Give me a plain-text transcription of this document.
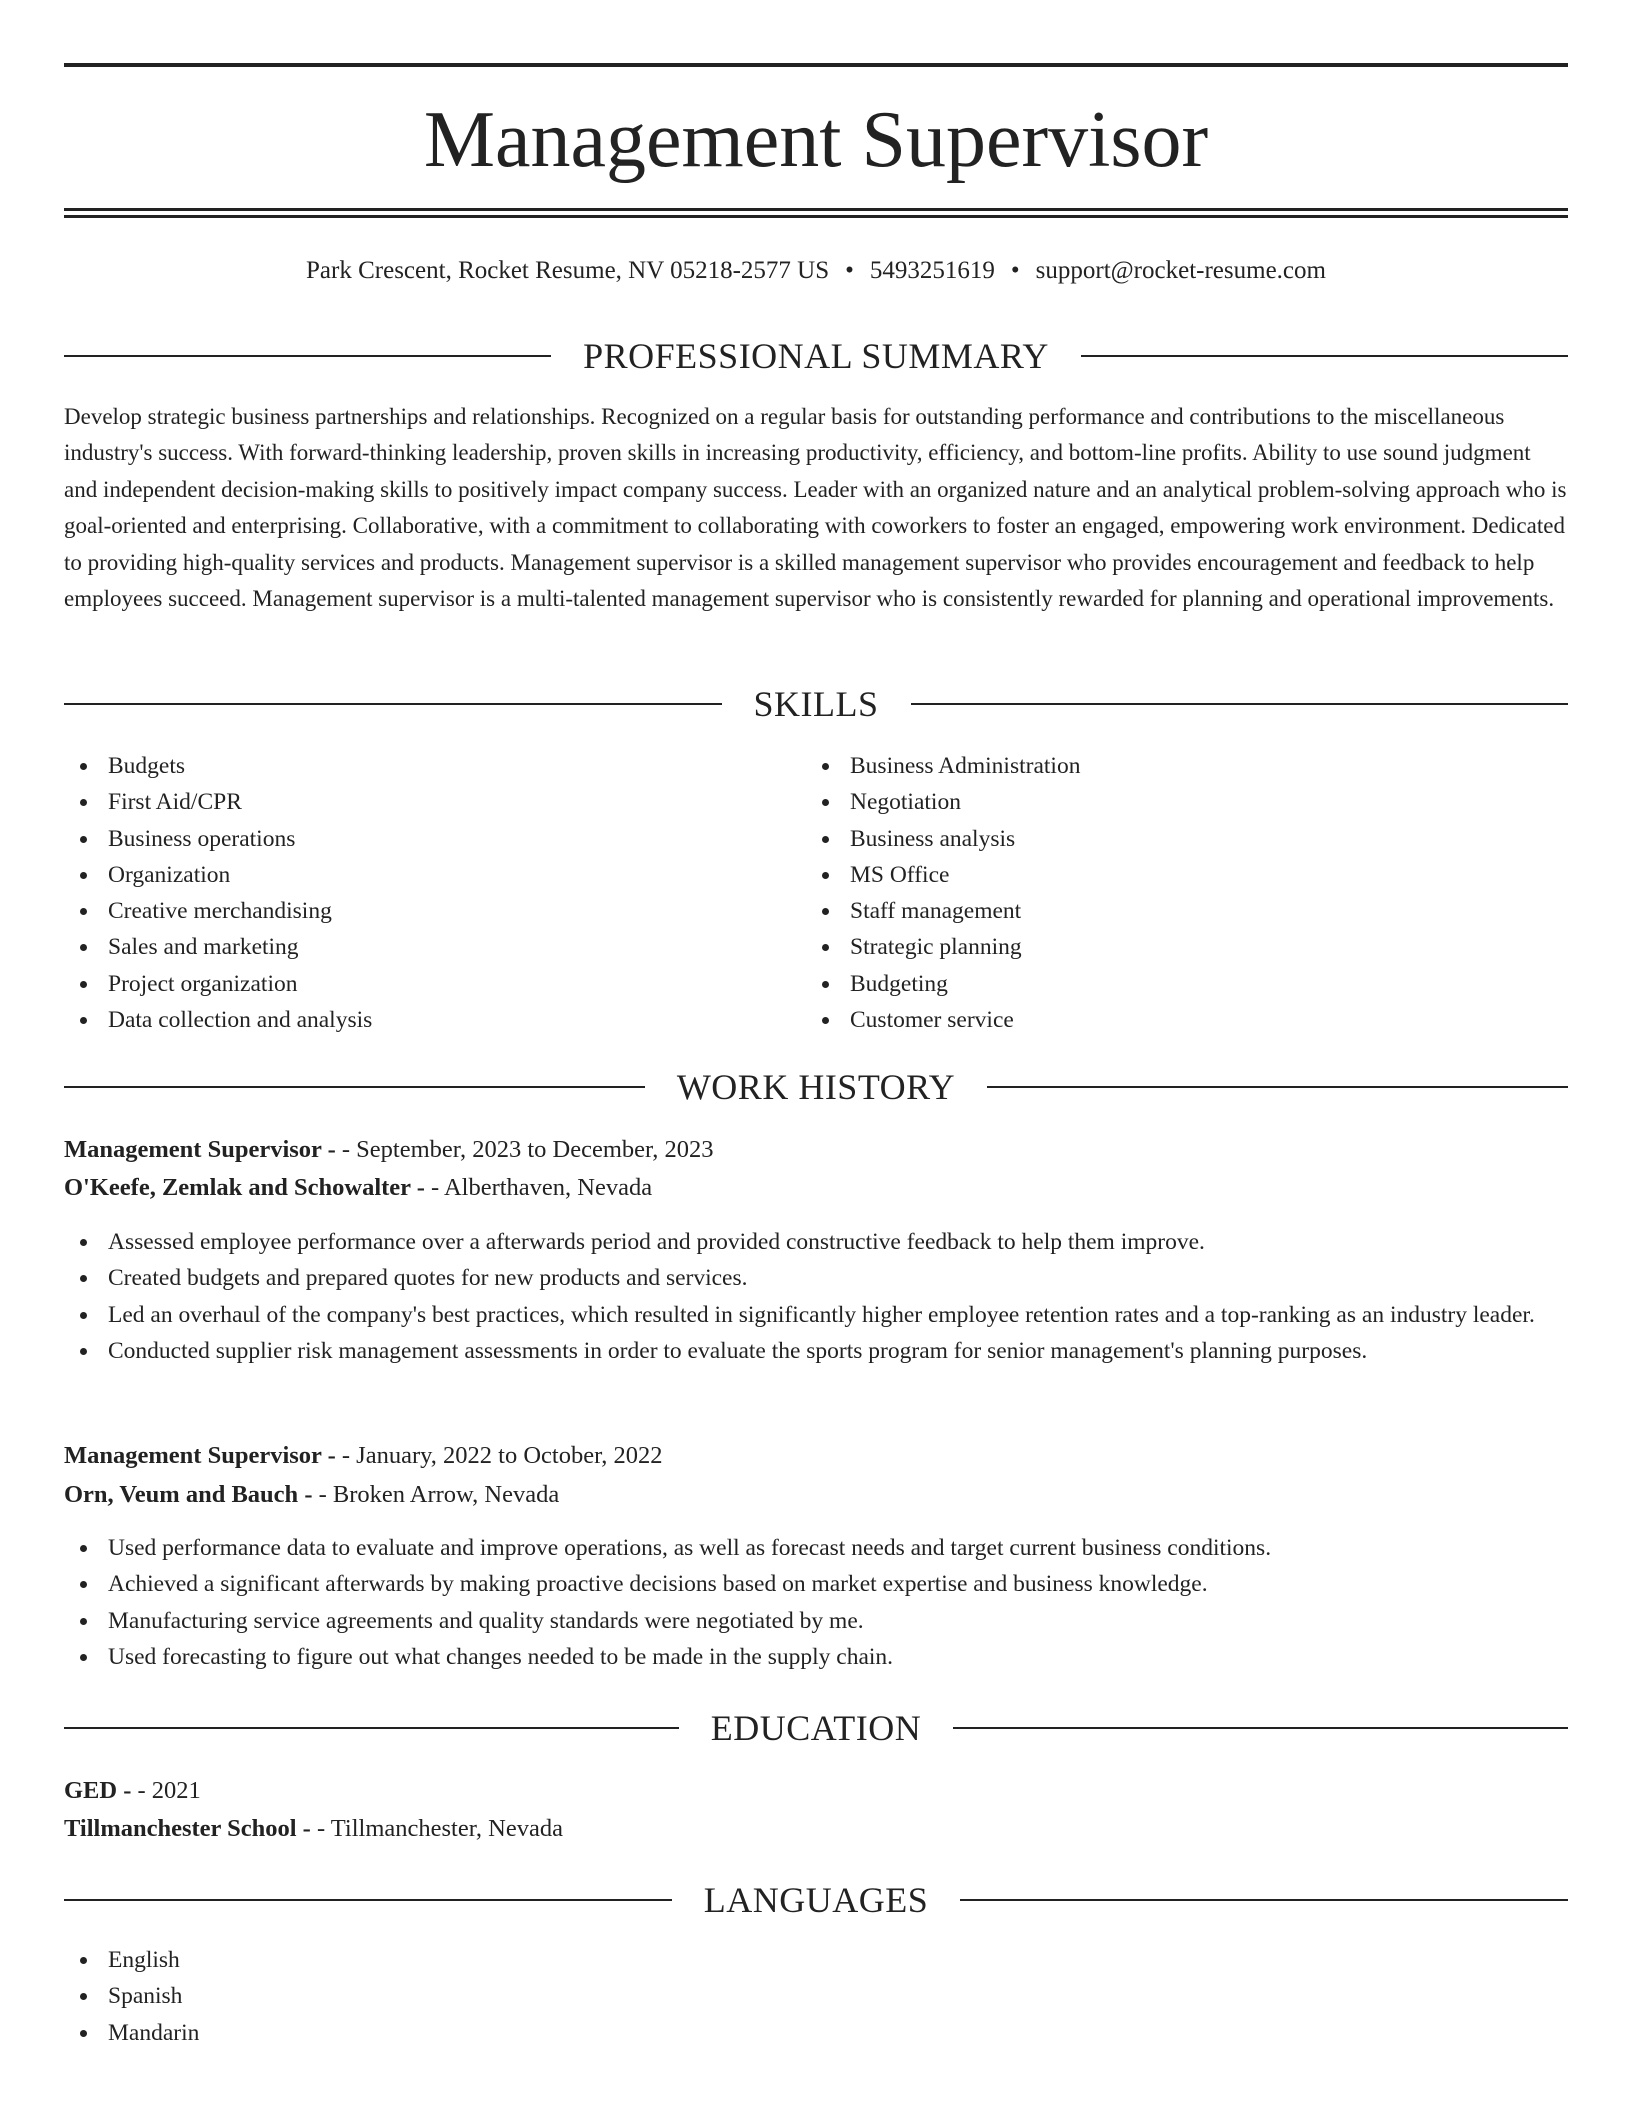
Management Supervisor
Park Crescent, Rocket Resume, NV 05218-2577 US • 5493251619 • support@rocket-resume.com
PROFESSIONAL SUMMARY

Develop strategic business partnerships and relationships. Recognized on a regular basis for outstanding performance and contributions to the miscellaneous industry's success. With forward-thinking leadership, proven skills in increasing productivity, efficiency, and bottom-line profits. Ability to use sound judgment and independent decision-making skills to positively impact company success. Leader with an organized nature and an analytical problem-solving approach who is goal-oriented and enterprising. Collaborative, with a commitment to collaborating with coworkers to foster an engaged, empowering work environment. Dedicated to providing high-quality services and products. Management supervisor is a skilled management supervisor who provides encouragement and feedback to help employees succeed. Management supervisor is a multi-talented management supervisor who is consistently rewarded for planning and operational improvements.

SKILLS
Budgets
First Aid/CPR
Business operations
Organization
Creative merchandising
Sales and marketing
Project organization
Data collection and analysis
Business Administration
Negotiation
Business analysis
MS Office
Staff management
Strategic planning
Budgeting
Customer service
WORK HISTORY
Management Supervisor - - September, 2023 to December, 2023
O'Keefe, Zemlak and Schowalter - - Alberthaven, Nevada
Assessed employee performance over a afterwards period and provided constructive feedback to help them improve.
Created budgets and prepared quotes for new products and services.
Led an overhaul of the company's best practices, which resulted in significantly higher employee retention rates and a top-ranking as an industry leader.
Conducted supplier risk management assessments in order to evaluate the sports program for senior management's planning purposes.
Management Supervisor - - January, 2022 to October, 2022
Orn, Veum and Bauch - - Broken Arrow, Nevada
Used performance data to evaluate and improve operations, as well as forecast needs and target current business conditions.
Achieved a significant afterwards by making proactive decisions based on market expertise and business knowledge.
Manufacturing service agreements and quality standards were negotiated by me.
Used forecasting to figure out what changes needed to be made in the supply chain.
EDUCATION
GED - - 2021
Tillmanchester School - - Tillmanchester, Nevada
LANGUAGES
English
Spanish
Mandarin
